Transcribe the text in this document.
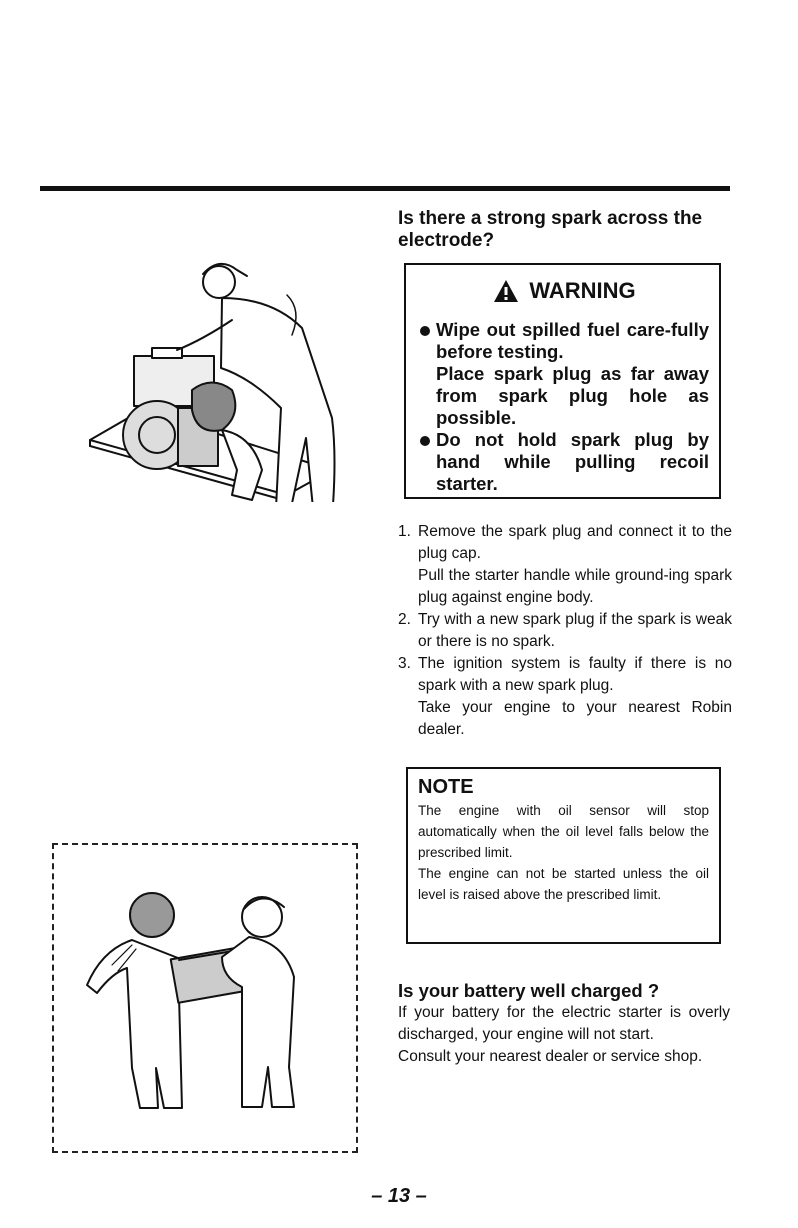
Is there a strong spark across the electrode?
WARNING
Wipe out spilled fuel care-fully before testing.
Place spark plug as far away from spark plug hole as possible.
Do not hold spark plug by hand while pulling recoil starter.
1. Remove the spark plug and connect it to the plug cap.

Pull the starter handle while ground-ing spark plug against engine body.

2. Try with a new spark plug if the spark is weak or there is no spark.

3. The ignition system is faulty if there is no spark with a new spark plug.

Take your engine to your nearest Robin dealer.

NOTE

The engine with oil sensor will stop automatically when the oil level falls below the prescribed limit.

The engine can not be started unless the oil level is raised above the prescribed limit.

Is your battery well charged ?

If your battery for the electric starter is overly discharged, your engine will not start.

Consult your nearest dealer or service shop.

– 13 –
